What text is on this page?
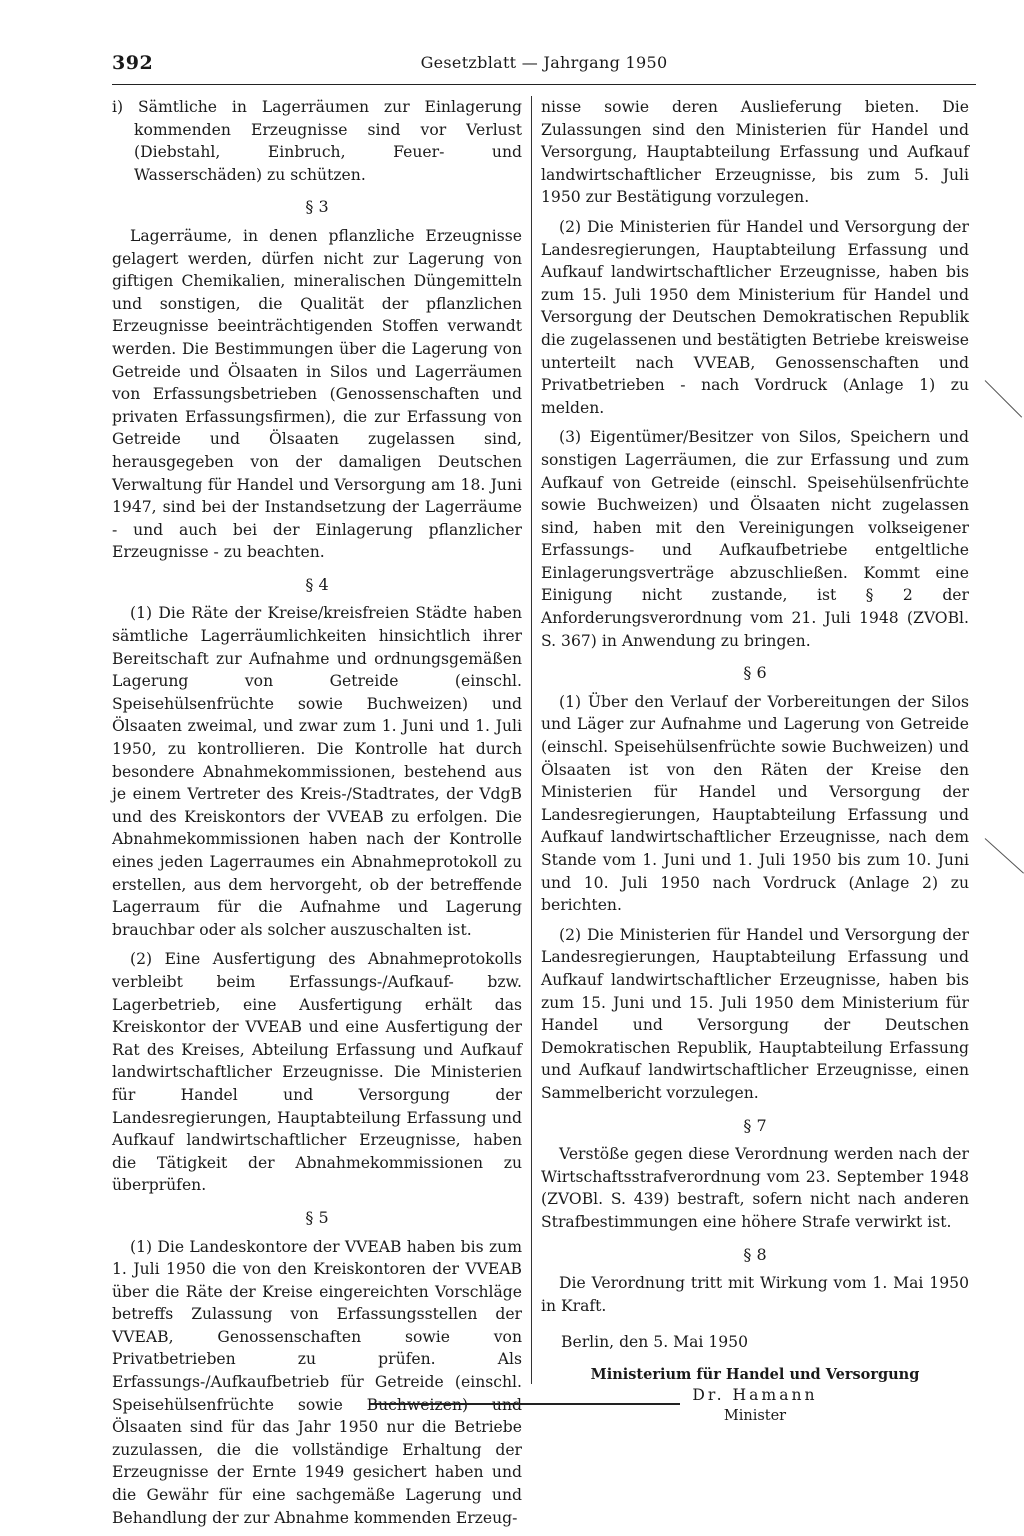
392	Gesetzblatt — Jahrgang 1950

i) Sämtliche in Lagerräumen zur Einlagerung kommenden Erzeugnisse sind vor Verlust (Diebstahl, Einbruch, Feuer- und Wasserschäden) zu schützen.

§ 3

Lagerräume, in denen pflanzliche Erzeugnisse gelagert werden, dürfen nicht zur Lagerung von giftigen Chemikalien, mineralischen Düngemitteln und sonstigen, die Qualität der pflanzlichen Erzeugnisse beeinträchtigenden Stoffen verwandt werden. Die Bestimmungen über die Lagerung von Getreide und Ölsaaten in Silos und Lagerräumen von Erfassungsbetrieben (Genossenschaften und privaten Erfassungsfirmen), die zur Erfassung von Getreide und Ölsaaten zugelassen sind, herausgegeben von der damaligen Deutschen Verwaltung für Handel und Versorgung am 18. Juni 1947, sind bei der Instandsetzung der Lagerräume - und auch bei der Einlagerung pflanzlicher Erzeugnisse - zu beachten.

§ 4

(1) Die Räte der Kreise/kreisfreien Städte haben sämtliche Lagerräumlichkeiten hinsichtlich ihrer Bereitschaft zur Aufnahme und ordnungsgemäßen Lagerung von Getreide (einschl. Speisehülsenfrüchte sowie Buchweizen) und Ölsaaten zweimal, und zwar zum 1. Juni und 1. Juli 1950, zu kontrollieren. Die Kontrolle hat durch besondere Abnahmekommissionen, bestehend aus je einem Vertreter des Kreis-/Stadtrates, der VdgB und des Kreiskontors der VVEAB zu erfolgen. Die Abnahmekommissionen haben nach der Kontrolle eines jeden Lagerraumes ein Abnahmeprotokoll zu erstellen, aus dem hervorgeht, ob der betreffende Lagerraum für die Aufnahme und Lagerung brauchbar oder als solcher auszuschalten ist.

(2) Eine Ausfertigung des Abnahmeprotokolls verbleibt beim Erfassungs-/Aufkauf- bzw. Lagerbetrieb, eine Ausfertigung erhält das Kreiskontor der VVEAB und eine Ausfertigung der Rat des Kreises, Abteilung Erfassung und Aufkauf landwirtschaftlicher Erzeugnisse. Die Ministerien für Handel und Versorgung der Landesregierungen, Hauptabteilung Erfassung und Aufkauf landwirtschaftlicher Erzeugnisse, haben die Tätigkeit der Abnahmekommissionen zu überprüfen.

§ 5

(1) Die Landeskontore der VVEAB haben bis zum 1. Juli 1950 die von den Kreiskontoren der VVEAB über die Räte der Kreise eingereichten Vorschläge betreffs Zulassung von Erfassungsstellen der VVEAB, Genossenschaften sowie von Privatbetrieben zu prüfen. Als Erfassungs-/Aufkaufbetrieb für Getreide (einschl. Speisehülsenfrüchte sowie Buchweizen) und Ölsaaten sind für das Jahr 1950 nur die Betriebe zuzulassen, die die vollständige Erhaltung der Erzeugnisse der Ernte 1949 gesichert haben und die Gewähr für eine sachgemäße Lagerung und Behandlung der zur Abnahme kommenden Erzeug-

nisse sowie deren Auslieferung bieten. Die Zulassungen sind den Ministerien für Handel und Versorgung, Hauptabteilung Erfassung und Aufkauf landwirtschaftlicher Erzeugnisse, bis zum 5. Juli 1950 zur Bestätigung vorzulegen.

(2) Die Ministerien für Handel und Versorgung der Landesregierungen, Hauptabteilung Erfassung und Aufkauf landwirtschaftlicher Erzeugnisse, haben bis zum 15. Juli 1950 dem Ministerium für Handel und Versorgung der Deutschen Demokratischen Republik die zugelassenen und bestätigten Betriebe kreisweise unterteilt nach VVEAB, Genossenschaften und Privatbetrieben - nach Vordruck (Anlage 1) zu melden.

(3) Eigentümer/Besitzer von Silos, Speichern und sonstigen Lagerräumen, die zur Erfassung und zum Aufkauf von Getreide (einschl. Speisehülsenfrüchte sowie Buchweizen) und Ölsaaten nicht zugelassen sind, haben mit den Vereinigungen volkseigener Erfassungs- und Aufkaufbetriebe entgeltliche Einlagerungsverträge abzuschließen. Kommt eine Einigung nicht zustande, ist § 2 der Anforderungsverordnung vom 21. Juli 1948 (ZVOBl. S. 367) in Anwendung zu bringen.

§ 6

(1) Über den Verlauf der Vorbereitungen der Silos und Läger zur Aufnahme und Lagerung von Getreide (einschl. Speisehülsenfrüchte sowie Buchweizen) und Ölsaaten ist von den Räten der Kreise den Ministerien für Handel und Versorgung der Landesregierungen, Hauptabteilung Erfassung und Aufkauf landwirtschaftlicher Erzeugnisse, nach dem Stande vom 1. Juni und 1. Juli 1950 bis zum 10. Juni und 10. Juli 1950 nach Vordruck (Anlage 2) zu berichten.

(2) Die Ministerien für Handel und Versorgung der Landesregierungen, Hauptabteilung Erfassung und Aufkauf landwirtschaftlicher Erzeugnisse, haben bis zum 15. Juni und 15. Juli 1950 dem Ministerium für Handel und Versorgung der Deutschen Demokratischen Republik, Hauptabteilung Erfassung und Aufkauf landwirtschaftlicher Erzeugnisse, einen Sammelbericht vorzulegen.

§ 7

Verstöße gegen diese Verordnung werden nach der Wirtschaftsstrafverordnung vom 23. September 1948 (ZVOBl. S. 439) bestraft, sofern nicht nach anderen Strafbestimmungen eine höhere Strafe verwirkt ist.

§ 8

Die Verordnung tritt mit Wirkung vom 1. Mai 1950 in Kraft.

Berlin, den 5. Mai 1950
Ministerium für Handel und Versorgung
Dr. Hamann
Minister
